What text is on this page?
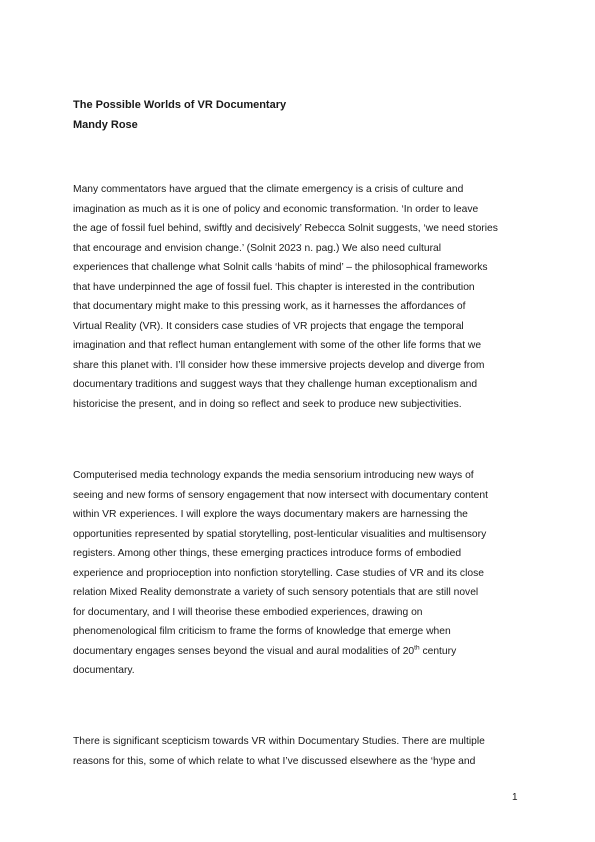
The Possible Worlds of VR Documentary
Mandy Rose
Many commentators have argued that the climate emergency is a crisis of culture and
imagination as much as it is one of policy and economic transformation. ‘In order to leave
the age of fossil fuel behind, swiftly and decisively’ Rebecca Solnit suggests, ‘we need stories
that encourage and envision change.’ (Solnit 2023 n. pag.) We also need cultural
experiences that challenge what Solnit calls ‘habits of mind’ – the philosophical frameworks
that have underpinned the age of fossil fuel. This chapter is interested in the contribution
that documentary might make to this pressing work, as it harnesses the affordances of
Virtual Reality (VR). It considers case studies of VR projects that engage the temporal
imagination and that reflect human entanglement with some of the other life forms that we
share this planet with. I’ll consider how these immersive projects develop and diverge from
documentary traditions and suggest ways that they challenge human exceptionalism and
historicise the present, and in doing so reflect and seek to produce new subjectivities.
Computerised media technology expands the media sensorium introducing new ways of
seeing and new forms of sensory engagement that now intersect with documentary content
within VR experiences. I will explore the ways documentary makers are harnessing the
opportunities represented by spatial storytelling, post-lenticular visualities and multisensory
registers. Among other things, these emerging practices introduce forms of embodied
experience and proprioception into nonfiction storytelling. Case studies of VR and its close
relation Mixed Reality demonstrate a variety of such sensory potentials that are still novel
for documentary, and I will theorise these embodied experiences, drawing on
phenomenological film criticism to frame the forms of knowledge that emerge when
documentary engages senses beyond the visual and aural modalities of 20th century
documentary.
There is significant scepticism towards VR within Documentary Studies. There are multiple
reasons for this, some of which relate to what I’ve discussed elsewhere as the ‘hype and
1
